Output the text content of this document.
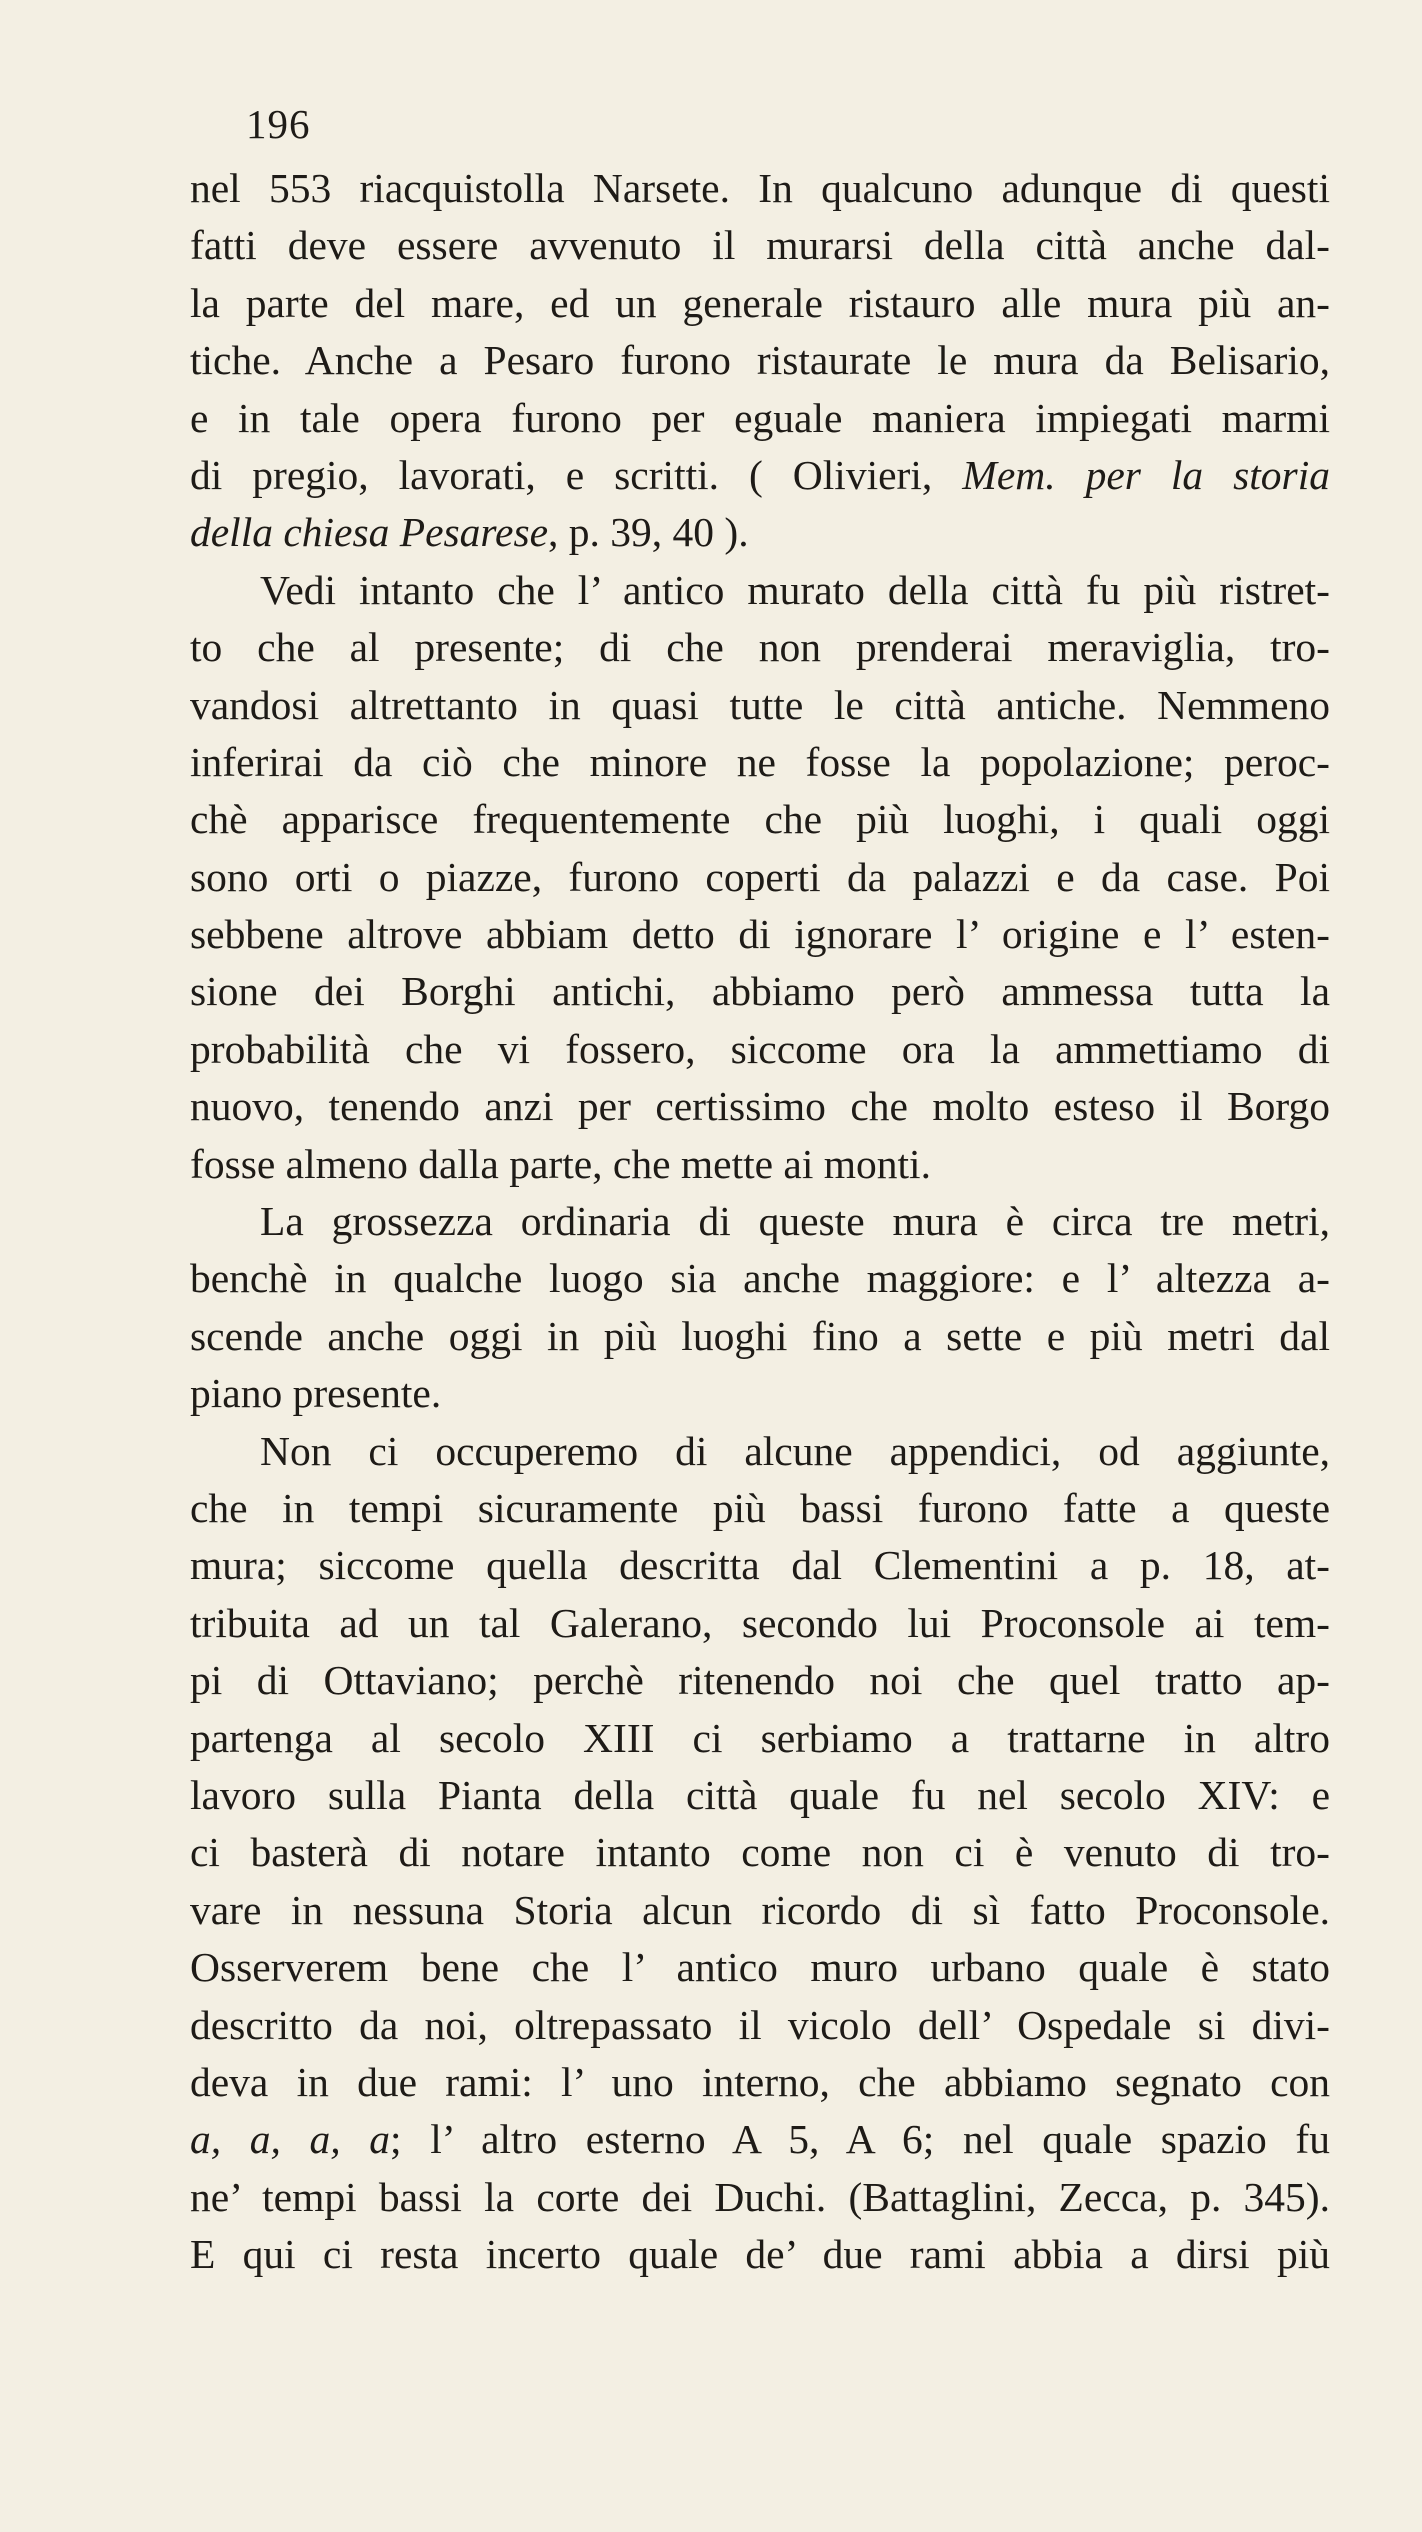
196
nel 553 riacquistolla Narsete. In qualcuno adunque di questi
fatti deve essere avvenuto il murarsi della città anche dal-
la parte del mare, ed un generale ristauro alle mura più an-
tiche. Anche a Pesaro furono ristaurate le mura da Belisario,
e in tale opera furono per eguale maniera impiegati marmi
di pregio, lavorati, e scritti. ( Olivieri, Mem. per la storia
della chiesa Pesarese, p. 39, 40 ).
Vedi intanto che l’ antico murato della città fu più ristret-
to che al presente; di che non prenderai meraviglia, tro-
vandosi altrettanto in quasi tutte le città antiche. Nemmeno
inferirai da ciò che minore ne fosse la popolazione; peroc-
chè apparisce frequentemente che più luoghi, i quali oggi
sono orti o piazze, furono coperti da palazzi e da case. Poi
sebbene altrove abbiam detto di ignorare l’ origine e l’ esten-
sione dei Borghi antichi, abbiamo però ammessa tutta la
probabilità che vi fossero, siccome ora la ammettiamo di
nuovo, tenendo anzi per certissimo che molto esteso il Borgo
fosse almeno dalla parte, che mette ai monti.
La grossezza ordinaria di queste mura è circa tre metri,
benchè in qualche luogo sia anche maggiore: e l’ altezza a-
scende anche oggi in più luoghi fino a sette e più metri dal
piano presente.
Non ci occuperemo di alcune appendici, od aggiunte,
che in tempi sicuramente più bassi furono fatte a queste
mura; siccome quella descritta dal Clementini a p. 18, at-
tribuita ad un tal Galerano, secondo lui Proconsole ai tem-
pi di Ottaviano; perchè ritenendo noi che quel tratto ap-
partenga al secolo XIII ci serbiamo a trattarne in altro
lavoro sulla Pianta della città quale fu nel secolo XIV: e
ci basterà di notare intanto come non ci è venuto di tro-
vare in nessuna Storia alcun ricordo di sì fatto Proconsole.
Osserverem bene che l’ antico muro urbano quale è stato
descritto da noi, oltrepassato il vicolo dell’ Ospedale si divi-
deva in due rami: l’ uno interno, che abbiamo segnato con
a, a, a, a; l’ altro esterno A 5, A 6; nel quale spazio fu
ne’ tempi bassi la corte dei Duchi. (Battaglini, Zecca, p. 345).
E qui ci resta incerto quale de’ due rami abbia a dirsi più
